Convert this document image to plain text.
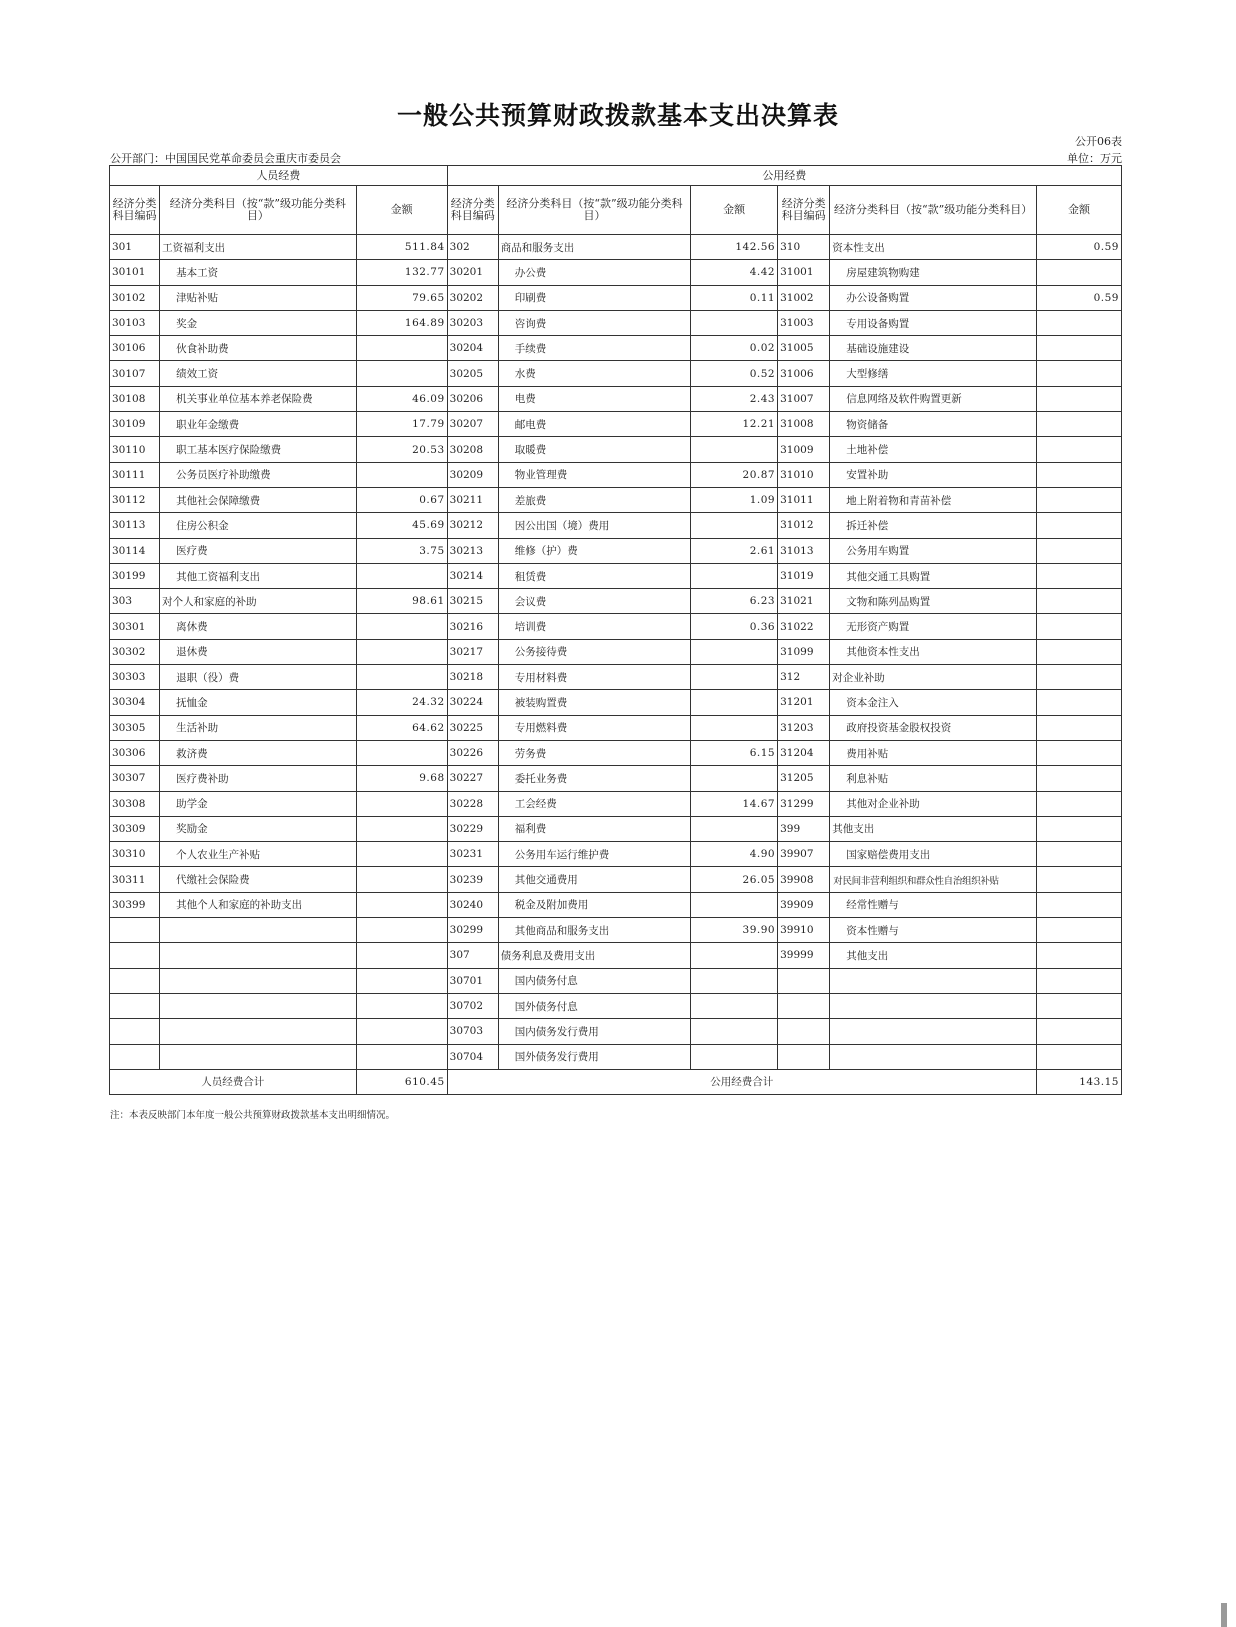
一般公共预算财政拨款基本支出决算表
公开06表
公开部门：中国国民党革命委员会重庆市委员会	单位：万元
人员经费			公用经费					
经济分类科目编码	经济分类科目（按“款”级功能分类科目）	金额	经济分类科目编码	经济分类科目（按“款”级功能分类科目）	金额	经济分类科目编码	经济分类科目（按“款”级功能分类科目）	金额
301	工资福利支出	511.84	302	商品和服务支出	142.56	310	资本性支出	0.59
30101	基本工资	132.77	30201	办公费	4.42	31001	房屋建筑物购建	
30102	津贴补贴	79.65	30202	印刷费	0.11	31002	办公设备购置	0.59
30103	奖金	164.89	30203	咨询费		31003	专用设备购置	
30106	伙食补助费		30204	手续费	0.02	31005	基础设施建设	
30107	绩效工资		30205	水费	0.52	31006	大型修缮	
30108	机关事业单位基本养老保险费	46.09	30206	电费	2.43	31007	信息网络及软件购置更新	
30109	职业年金缴费	17.79	30207	邮电费	12.21	31008	物资储备	
30110	职工基本医疗保险缴费	20.53	30208	取暖费		31009	土地补偿	
30111	公务员医疗补助缴费		30209	物业管理费	20.87	31010	安置补助	
30112	其他社会保障缴费	0.67	30211	差旅费	1.09	31011	地上附着物和青苗补偿	
30113	住房公积金	45.69	30212	因公出国（境）费用		31012	拆迁补偿	
30114	医疗费	3.75	30213	维修（护）费	2.61	31013	公务用车购置	
30199	其他工资福利支出		30214	租赁费		31019	其他交通工具购置	
303	对个人和家庭的补助	98.61	30215	会议费	6.23	31021	文物和陈列品购置	
30301	离休费		30216	培训费	0.36	31022	无形资产购置	
30302	退休费		30217	公务接待费		31099	其他资本性支出	
30303	退职（役）费		30218	专用材料费		312	对企业补助	
30304	抚恤金	24.32	30224	被装购置费		31201	资本金注入	
30305	生活补助	64.62	30225	专用燃料费		31203	政府投资基金股权投资	
30306	救济费		30226	劳务费	6.15	31204	费用补贴	
30307	医疗费补助	9.68	30227	委托业务费		31205	利息补贴	
30308	助学金		30228	工会经费	14.67	31299	其他对企业补助	
30309	奖励金		30229	福利费		399	其他支出	
30310	个人农业生产补贴		30231	公务用车运行维护费	4.90	39907	国家赔偿费用支出	
30311	代缴社会保险费		30239	其他交通费用	26.05	39908	对民间非营利组织和群众性自治组织补贴	
30399	其他个人和家庭的补助支出		30240	税金及附加费用		39909	经常性赠与	
			30299	其他商品和服务支出	39.90	39910	资本性赠与	
			307	债务利息及费用支出		39999	其他支出	
			30701	国内债务付息				
			30702	国外债务付息				
			30703	国内债务发行费用				
			30704	国外债务发行费用				
人员经费合计		610.45	公用经费合计					143.15
注：本表反映部门本年度一般公共预算财政拨款基本支出明细情况。
